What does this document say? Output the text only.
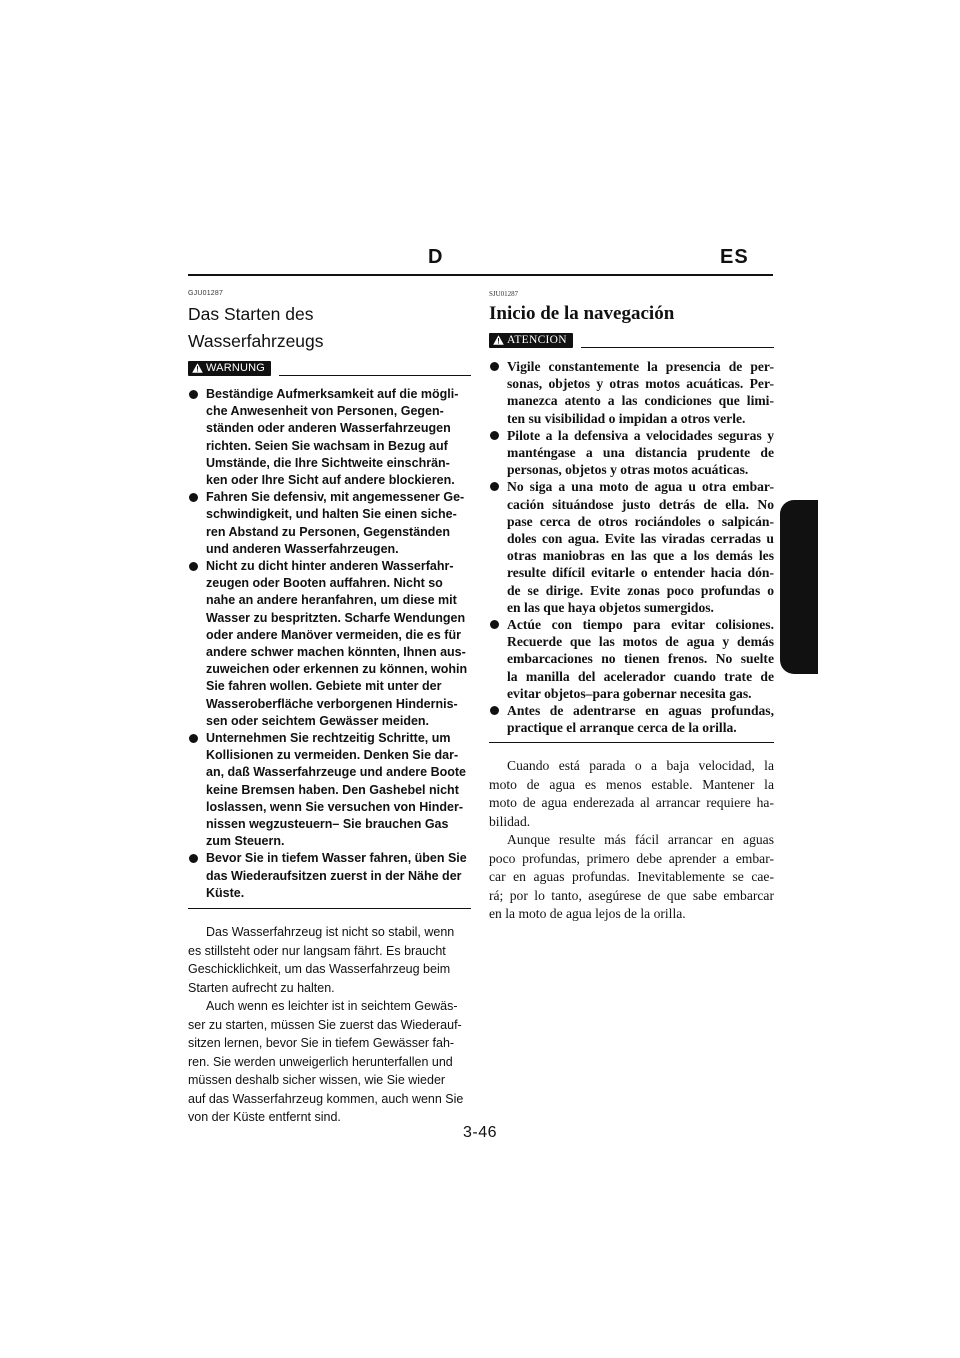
D	ES
GJU01287
Das Starten des
Wasserfahrzeugs
WARNUNG
Beständige Aufmerksamkeit auf die mögli-
che Anwesenheit von Personen, Gegen-
ständen oder anderen Wasserfahrzeugen
richten. Seien Sie wachsam in Bezug auf
Umstände, die Ihre Sichtweite einschrän-
ken oder Ihre Sicht auf andere blockieren.
Fahren Sie defensiv, mit angemessener Ge-
schwindigkeit, und halten Sie einen siche-
ren Abstand zu Personen, Gegenständen
und anderen Wasserfahrzeugen.
Nicht zu dicht hinter anderen Wasserfahr-
zeugen oder Booten auffahren. Nicht so
nahe an andere heranfahren, um diese mit
Wasser zu bespritzten. Scharfe Wendungen
oder andere Manöver vermeiden, die es für
andere schwer machen könnten, Ihnen aus-
zuweichen oder erkennen zu können, wohin
Sie fahren wollen. Gebiete mit unter der
Wasseroberfläche verborgenen Hindernis-
sen oder seichtem Gewässer meiden.
Unternehmen Sie rechtzeitig Schritte, um
Kollisionen zu vermeiden. Denken Sie dar-
an, daß Wasserfahrzeuge und andere Boote
keine Bremsen haben. Den Gashebel nicht
loslassen, wenn Sie versuchen von Hinder-
nissen wegzusteuern– Sie brauchen Gas
zum Steuern.
Bevor Sie in tiefem Wasser fahren, üben Sie
das Wiederaufsitzen zuerst in der Nähe der
Küste.

Das Wasserfahrzeug ist nicht so stabil, wenn
es stillsteht oder nur langsam fährt. Es braucht
Geschicklichkeit, um das Wasserfahrzeug beim
Starten aufrecht zu halten.

Auch wenn es leichter ist in seichtem Gewäs-
ser zu starten, müssen Sie zuerst das Wiederauf-
sitzen lernen, bevor Sie in tiefem Gewässer fah-
ren. Sie werden unweigerlich herunterfallen und
müssen deshalb sicher wissen, wie Sie wieder
auf das Wasserfahrzeug kommen, auch wenn Sie
von der Küste entfernt sind.

SJU01287
Inicio de la navegación
ATENCION
Vigile constantemente la presencia de per-
sonas, objetos y otras motos acuáticas. Per-
manezca atento a las condiciones que limi-
ten su visibilidad o impidan a otros verle.
Pilote a la defensiva a velocidades seguras y
manténgase a una distancia prudente de
personas, objetos y otras motos acuáticas.
No siga a una moto de agua u otra embar-
cación situándose justo detrás de ella. No
pase cerca de otros rociándoles o salpicán-
doles con agua. Evite las viradas cerradas u
otras maniobras en las que a los demás les
resulte difícil evitarle o entender hacia dón-
de se dirige. Evite zonas poco profundas o
en las que haya objetos sumergidos.
Actúe con tiempo para evitar colisiones.
Recuerde que las motos de agua y demás
embarcaciones no tienen frenos. No suelte
la manilla del acelerador cuando trate de
evitar objetos–para gobernar necesita gas.
Antes de adentrarse en aguas profundas,
practique el arranque cerca de la orilla.

Cuando está parada o a baja velocidad, la
moto de agua es menos estable. Mantener la
moto de agua enderezada al arrancar requiere ha-
bilidad.

Aunque resulte más fácil arrancar en aguas
poco profundas, primero debe aprender a embar-
car en aguas profundas. Inevitablemente se cae-
rá; por lo tanto, asegúrese de que sabe embarcar
en la moto de agua lejos de la orilla.

3-46
